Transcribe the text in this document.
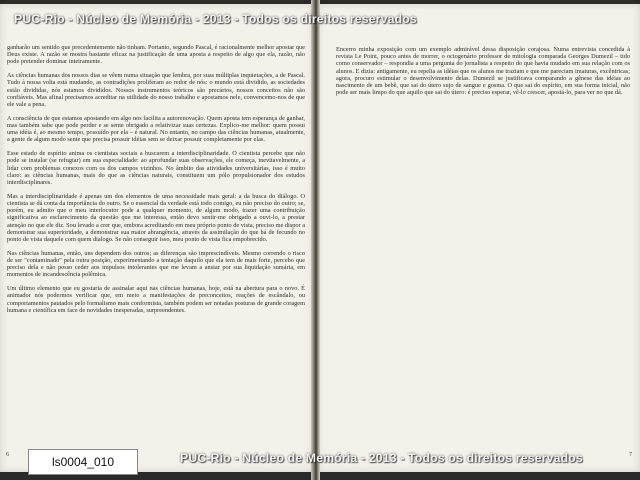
ganharão um sentido que precedentemente não tinham. Portanto, segundo Pascal, é racionalmente melhor apostar que Deus existe. A razão se mostra bastante eficaz na justificação de uma aposta a respeito de algo que ela, razão, não pode pretender dominar inteiramente.

As ciências humanas dos nossos dias se vêem numa situação que lembra, por suas múltiplas inquietações, a de Pascal. Tudo à nossa volta está mudando, as contradições proliferam ao redor de nós: o mundo está dividido, as sociedades estão divididas, nós estamos divididos. Nossos instrumentos teóricos são precários, nossos conceitos não são confiáveis. Mas afinal precisamos acreditar na utilidade do nosso trabalho e apostamos nele, convencemo-nos de que ele vale a pena.

A consciência de que estamos apostando em algo nos facilita a autorenovação. Quem aposta tem esperança de ganhar, mas também sabe que pode perder e se sente obrigado a relativizar suas certezas. Explico-me melhor: quem possui uma idéia é, ao mesmo tempo, possuído por ela – é natural. No entanto, no campo das ciências humanas, atualmente, a gente de algum modo sente que precisa possuir idéias sem se deixar possuir completamente por elas.

Esse estado de espírito anima os cientistas sociais a buscarem a interdisciplinaridade. O cientista percebe que não pode se instalar (se refugiar) em sua especialidade: ao aprofundar suas observações, ele começa, inevitavelmente, a lidar com problemas conexos com os dos campos vizinhos. No âmbito das atividades universitárias, isso é muito claro: as ciências humanas, mais do que as ciências naturais, constituem um pólo propulsionador dos estudos interdisciplinares.

Mas a interdisciplinaridade é apenas um dos elementos de uma necessidade mais geral: a da busca do diálogo. O cientista se dá conta da importância do outro. Se o essencial da verdade está todo comigo, eu não preciso do outro; se, porém, eu admito que o meu interlocutor pode a qualquer momento, de algum modo, trazer uma contribuição significativa ao esclarecimento da questão que me interessa, então devo sentir-me obrigado a ouvi-lo, a prestar atenção no que ele diz. Sou levado a crer que, embora acreditando em meu próprio ponto de vista, preciso me dispor a demonstrar sua superioridade, a demonstrar sua maior abrangência, através da assimilação do que há de fecundo no ponto de vista daquele com quem dialogo. Se não conseguir isso, meu ponto de vista fica empobrecido.

Nas ciências humanas, então, uns dependem dos outros; as diferenças são imprescindíveis. Mesmo correndo o risco de ser "contaminado" pela outra posição, experimentando a tentação daquilo que ela tem de mais forte, percebo que preciso dela e não posso ceder aos impulsos intolerantes que me levam a ansiar por sua liquidação sumária, em momentos de incandescência polêmica.

Um último elemento que eu gostaria de assinalar aqui nas ciências humanas, hoje, está na abertura para o novo. É animador nós podermos verificar que, em meio a manifestações de preconceitos, reações de escândalo, ou comportamentos pautados pelo formalismo mais conformista, também podem ser notadas posturas de grande coragem humana e científica em face de novidades inesperadas, surpreendentes.

6

Encerro minha exposição com um exemplo admirável dessa disposição corajosa. Numa entrevista concedida à revista Le Point, pouco antes de morrer, o octogenário professor de mitologia comparada Georges Dumezil – tido como conservador – respondia a uma pergunta do jornalista a respeito do que havia mudado em sua relação com os alunos. E dizia: antigamente, eu repelia as idéias que os alunos me traziam e que me pareciam imaturas, excêntricas; agora, procuro estimular o desenvolvimento delas. Dumezil se justificava comparando a gênese das idéias ao nascimento de um bebê, que sai do útero sujo de sangue e gosma. O que sai do espírito, em sua forma inicial, não pode ser mais limpo do que aquilo que sai do útero: é preciso esperar, vê-lo crescer, apostá-lo, para ver no que dá.

7
PUC-Rio - Núcleo de Memória - 2013 - Todos os direitos reservados
PUC-Rio - Núcleo de Memória - 2013 - Todos os direitos reservados
ls0004_010
